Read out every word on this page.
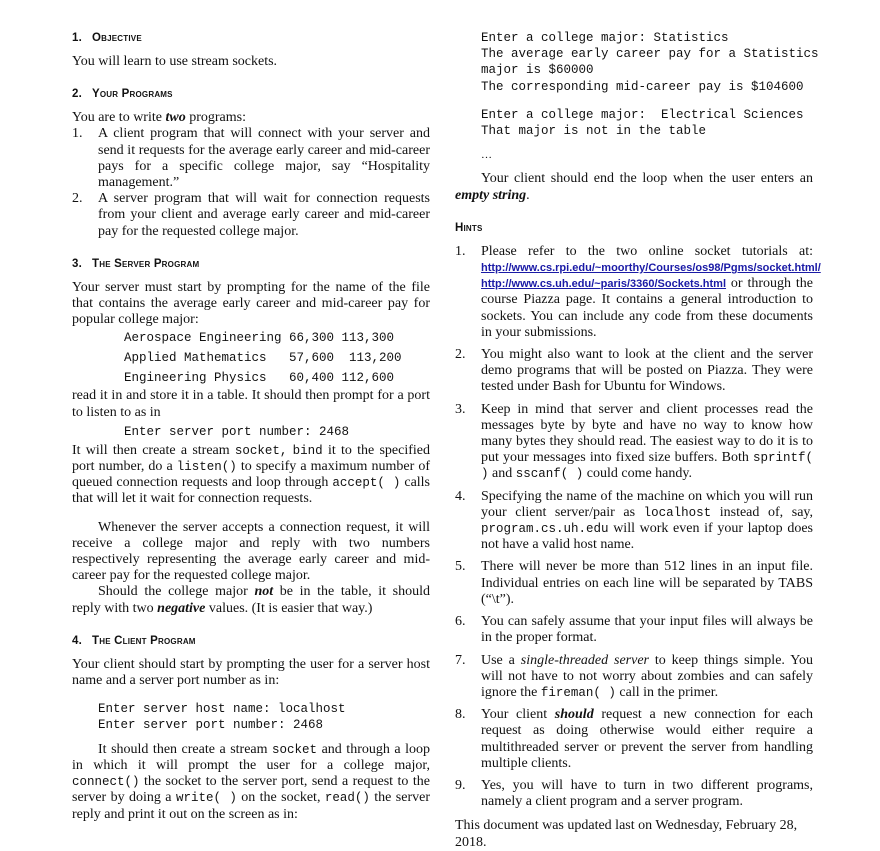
1. Objective

You will learn to use stream sockets.

2. Your Programs

You are to write two programs:

1. A client program that will connect with your server and send it requests for the average early career and mid-career pays for a specific college major, say “Hospitality management.”
2. A server program that will wait for connection requests from your client and average early career and mid-career pay for the requested college major.
3. The Server Program

Your server must start by prompting for the name of the file that contains the average early career and mid-career pay for popular college major:

Aerospace Engineering 66,300 113,300
Applied Mathematics   57,600  113,200
Engineering Physics   60,400 112,600

read it in and store it in a table. It should then prompt for a port to listen to as in

Enter server port number: 2468

It will then create a stream socket, bind it to the specified port number, do a listen() to specify a maximum number of queued connection requests and loop through accept( ) calls that will let it wait for connection requests.

Whenever the server accepts a connection request, it will receive a college major and reply with two numbers respectively representing the average early career and mid-career pay for the requested college major.

Should the college major not be in the table, it should reply with two negative values. (It is easier that way.)

4. The Client Program

Your client should start by prompting the user for a server host name and a server port number as in:

Enter server host name: localhost
Enter server port number: 2468

It should then create a stream socket and through a loop in which it will prompt the user for a college major, connect() the socket to the server port, send a request to the server by doing a write( ) on the socket, read() the server reply and print it out on the screen as in:

Enter a college major: Statistics
The average early career pay for a Statistics
major is $60000
The corresponding mid-career pay is $104600
Enter a college major:  Electrical Sciences
That major is not in the table
…

Your client should end the loop when the user enters an empty string.

Hints
1. Please refer to the two online socket tutorials at: http://www.cs.rpi.edu/~moorthy/Courses/os98/Pgms/socket.html/ http://www.cs.uh.edu/~paris/3360/Sockets.html or through the course Piazza page. It contains a general introduction to sockets. You can include any code from these documents in your submissions.
2. You might also want to look at the client and the server demo programs that will be posted on Piazza. They were tested under Bash for Ubuntu for Windows.
3. Keep in mind that server and client processes read the messages byte by byte and have no way to know how many bytes they should read. The easiest way to do it is to put your messages into fixed size buffers. Both sprintf( ) and sscanf( ) could come handy.
4. Specifying the name of the machine on which you will run your client server/pair as localhost instead of, say, program.cs.uh.edu will work even if your laptop does not have a valid host name.
5. There will never be more than 512 lines in an input file. Individual entries on each line will be separated by TABS (“\t”).
6. You can safely assume that your input files will always be in the proper format.
7. Use a single-threaded server to keep things simple. You will not have to not worry about zombies and can safely ignore the fireman( ) call in the primer.
8. Your client should request a new connection for each request as doing otherwise would either require a multithreaded server or prevent the server from handling multiple clients.
9. Yes, you will have to turn in two different programs, namely a client program and a server program.

This document was updated last on Wednesday, February 28, 2018.
